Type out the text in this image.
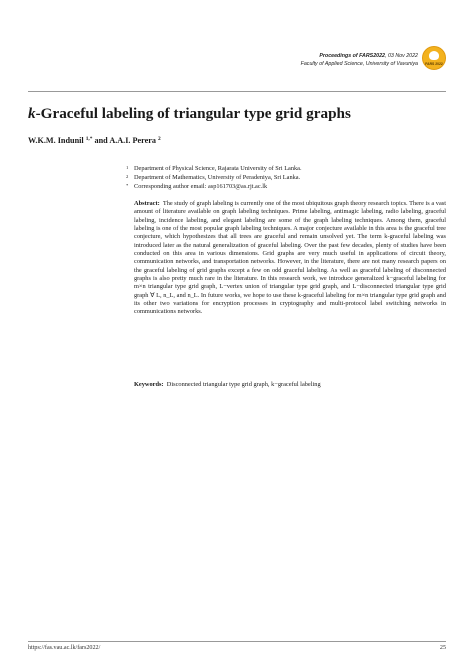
FARS 2022
Proceedings of FARS2022, 03 Nov 2022
Faculty of Applied Science, University of Vavuniya
k-Graceful labeling of triangular type grid graphs
W.K.M. Indunil $^{1,*}$ and A.A.I. Perera $^2$
1 Department of Physical Science, Rajarata University of Sri Lanka.
2 Department of Mathematics, University of Peradeniya, Sri Lanka.
* Corresponding author email: asp161703@as.rjt.ac.lk

Abstract: The study of graph labeling is currently one of the most ubiquitous graph theory research topics. There is a vast amount of literature available on graph labeling techniques. Prime labeling, antimagic labeling, radio labeling, graceful labeling, incidence labeling, and elegant labeling are some of the graph labeling techniques. Among them, graceful labeling is one of the most popular graph labeling techniques. A major conjecture available in this area is the graceful tree conjecture, which hypothesizes that all trees are graceful and remain unsolved yet. The term k-graceful labeling was introduced later as the natural generalization of graceful labeling. Over the past few decades, plenty of studies have been conducted on this area in various dimensions. Grid graphs are very much useful in applications of circuit theory, communication networks, and transportation networks. However, in the literature, there are not many research papers on the graceful labeling of grid graphs except a few on odd graceful labeling. As well as graceful labeling of disconnected graphs is also pretty much rare in the literature. In this research work, we introduce generalized k−graceful labeling for m×n triangular type grid graph, L−vertex union of triangular type grid graph, and L−disconnected triangular type grid graph ∀ L, n_L, and n_L. In future works, we hope to use these k-graceful labeling for m×n triangular type grid graph and its other two variations for encryption processes in cryptography and multi-protocol label switching networks in communications networks.

Keywords: Disconnected triangular type grid graph, k−graceful labeling
https://fas.vau.ac.lk/fars2022/	25
